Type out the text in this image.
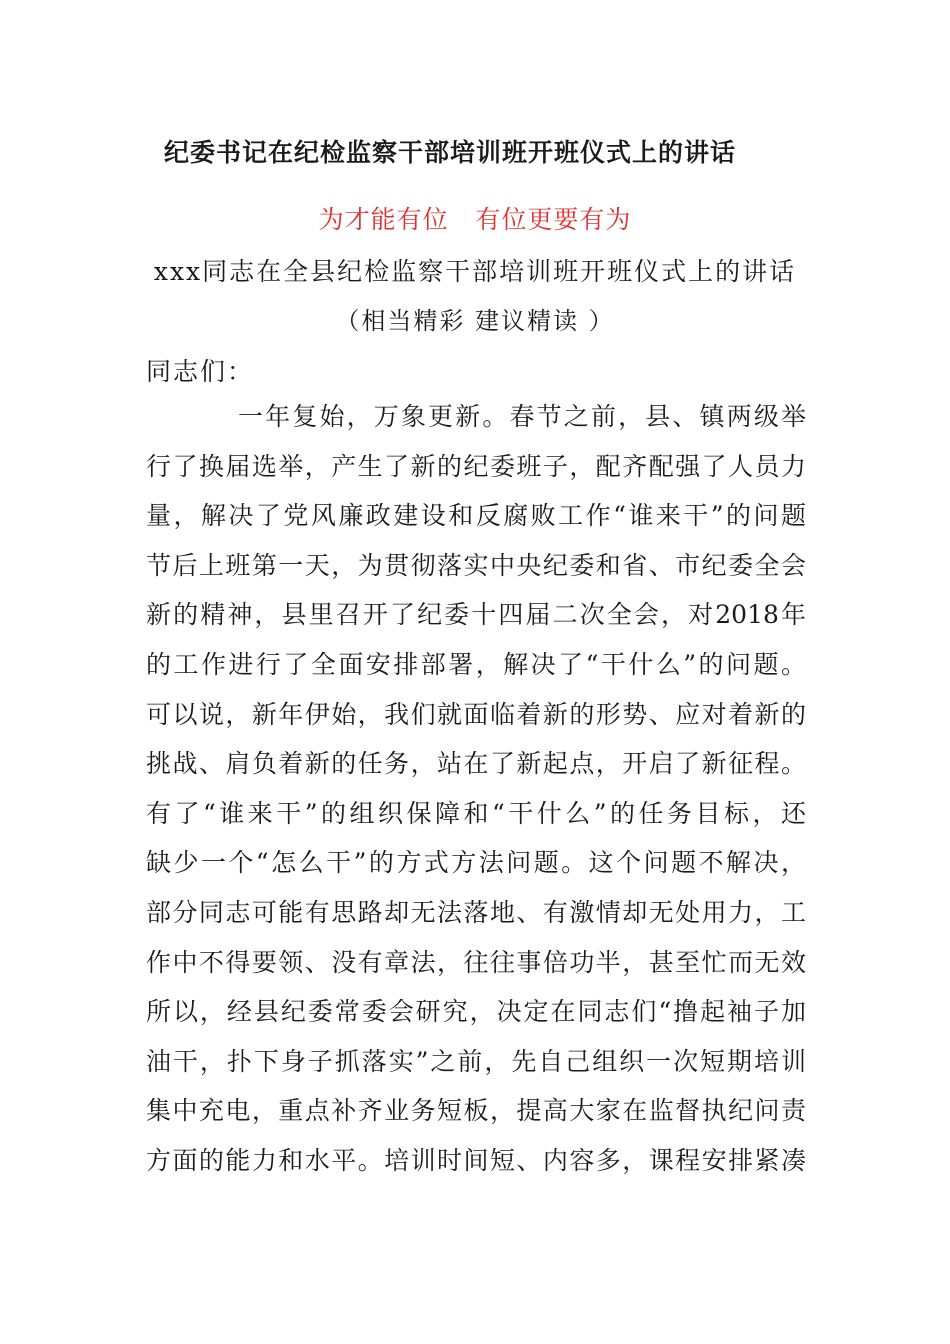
纪委书记在纪检监察干部培训班开班仪式上的讲话
为才能有位   有位更要有为
xxx同志在全县纪检监察干部培训班开班仪式上的讲话
（相当精彩 建议精读 ）
同志们：
一年复始，万象更新。春节之前，县、镇两级举
行了换届选举，产生了新的纪委班子，配齐配强了人员力
量，解决了党风廉政建设和反腐败工作“谁来干”的问题
节后上班第一天，为贯彻落实中央纪委和省、市纪委全会
新的精神，县里召开了纪委十四届二次全会，对2018年
的工作进行了全面安排部署，解决了“干什么”的问题。
可以说，新年伊始，我们就面临着新的形势、应对着新的
挑战、肩负着新的任务，站在了新起点，开启了新征程。
有了“谁来干”的组织保障和“干什么”的任务目标，还
缺少一个“怎么干”的方式方法问题。这个问题不解决，
部分同志可能有思路却无法落地、有激情却无处用力，工
作中不得要领、没有章法，往往事倍功半，甚至忙而无效
所以，经县纪委常委会研究，决定在同志们“撸起袖子加
油干，扑下身子抓落实”之前，先自己组织一次短期培训
集中充电，重点补齐业务短板，提高大家在监督执纪问责
方面的能力和水平。培训时间短、内容多，课程安排紧凑
